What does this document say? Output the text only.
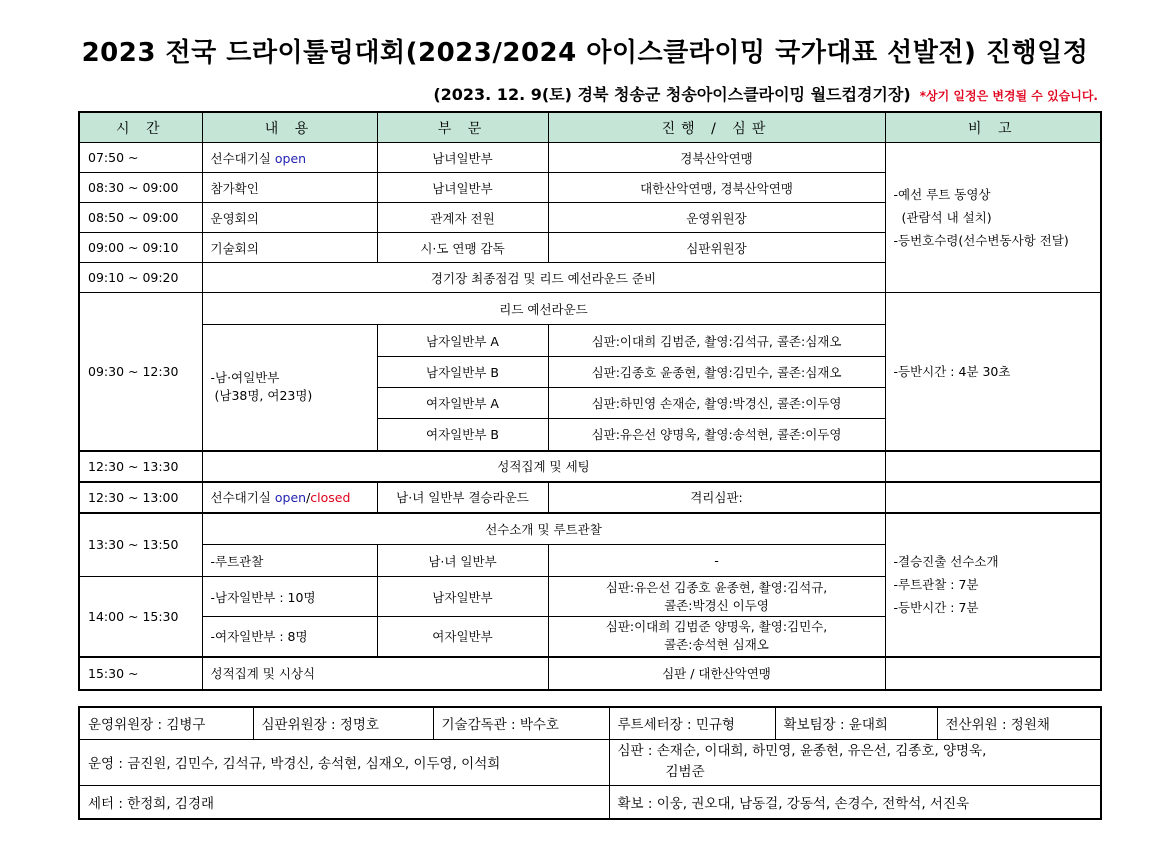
2023 전국 드라이툴링대회(2023/2024 아이스클라이밍 국가대표 선발전) 진행일정
(2023. 12. 9(토) 경북 청송군 청송아이스클라이밍 월드컵경기장) *상기 일정은 변경될 수 있습니다.
시 간	내 용	부 문	진행 / 심판	비 고
07:50 ~	선수대기실 open	남녀일반부	경북산악연맹	-예선 루트 동영상
(관람석 내 설치)
-등번호수령(선수변동사항 전달)

08:30 ~ 09:00	참가확인	남녀일반부	대한산악연맹, 경북산악연맹	
08:50 ~ 09:00	운영회의	관계자 전원	운영위원장	
09:00 ~ 09:10	기술회의	시·도 연맹 감독	심판위원장	
09:10 ~ 09:20	경기장 최종점검 및 리드 예선라운드 준비			
09:30 ~ 12:30	리드 예선라운드			-등반시간 : 4분 30초

	-남·여일반부
(남38명, 여23명)	남자일반부 A	심판:이대희 김범준, 촬영:김석규, 콜존:심재오	
		남자일반부 B	심판:김종호 윤종현, 촬영:김민수, 콜존:심재오	
		여자일반부 A	심판:하민영 손재순, 촬영:박경신, 콜존:이두영	
		여자일반부 B	심판:유은선 양명욱, 촬영:송석현, 콜존:이두영	
12:30 ~ 13:30	성적집계 및 세팅			
12:30 ~ 13:00	선수대기실 open/closed	남·녀 일반부 결승라운드	격리심판:	
13:30 ~ 13:50	선수소개 및 루트관찰			-결승진출 선수소개
-루트관찰 : 7분
-등반시간 : 7분

	-루트관찰	남·녀 일반부	-	
14:00 ~ 15:30	-남자일반부 : 10명	남자일반부	심판:유은선 김종호 윤종현, 촬영:김석규,
콜존:박경신 이두영	

	-여자일반부 : 8명	여자일반부	심판:이대희 김범준 양명욱, 촬영:김민수,
콜존:송석현 심재오	

15:30 ~	성적집계 및 시상식		심판 / 대한산악연맹	
운영위원장 : 김병구	심판위원장 : 정명호	기술감독관 : 박수호	루트세터장 : 민규형	확보팀장 : 윤대희	전산위원 : 정원채
운영 : 금진원, 김민수, 김석규, 박경신, 송석현, 심재오, 이두영, 이석희			심판 : 손재순, 이대희, 하민영, 윤종현, 유은선, 김종호, 양명욱,
김범준		

세터 : 한정희, 김경래			확보 : 이웅, 권오대, 남동걸, 강동석, 손경수, 전학석, 서진욱		
